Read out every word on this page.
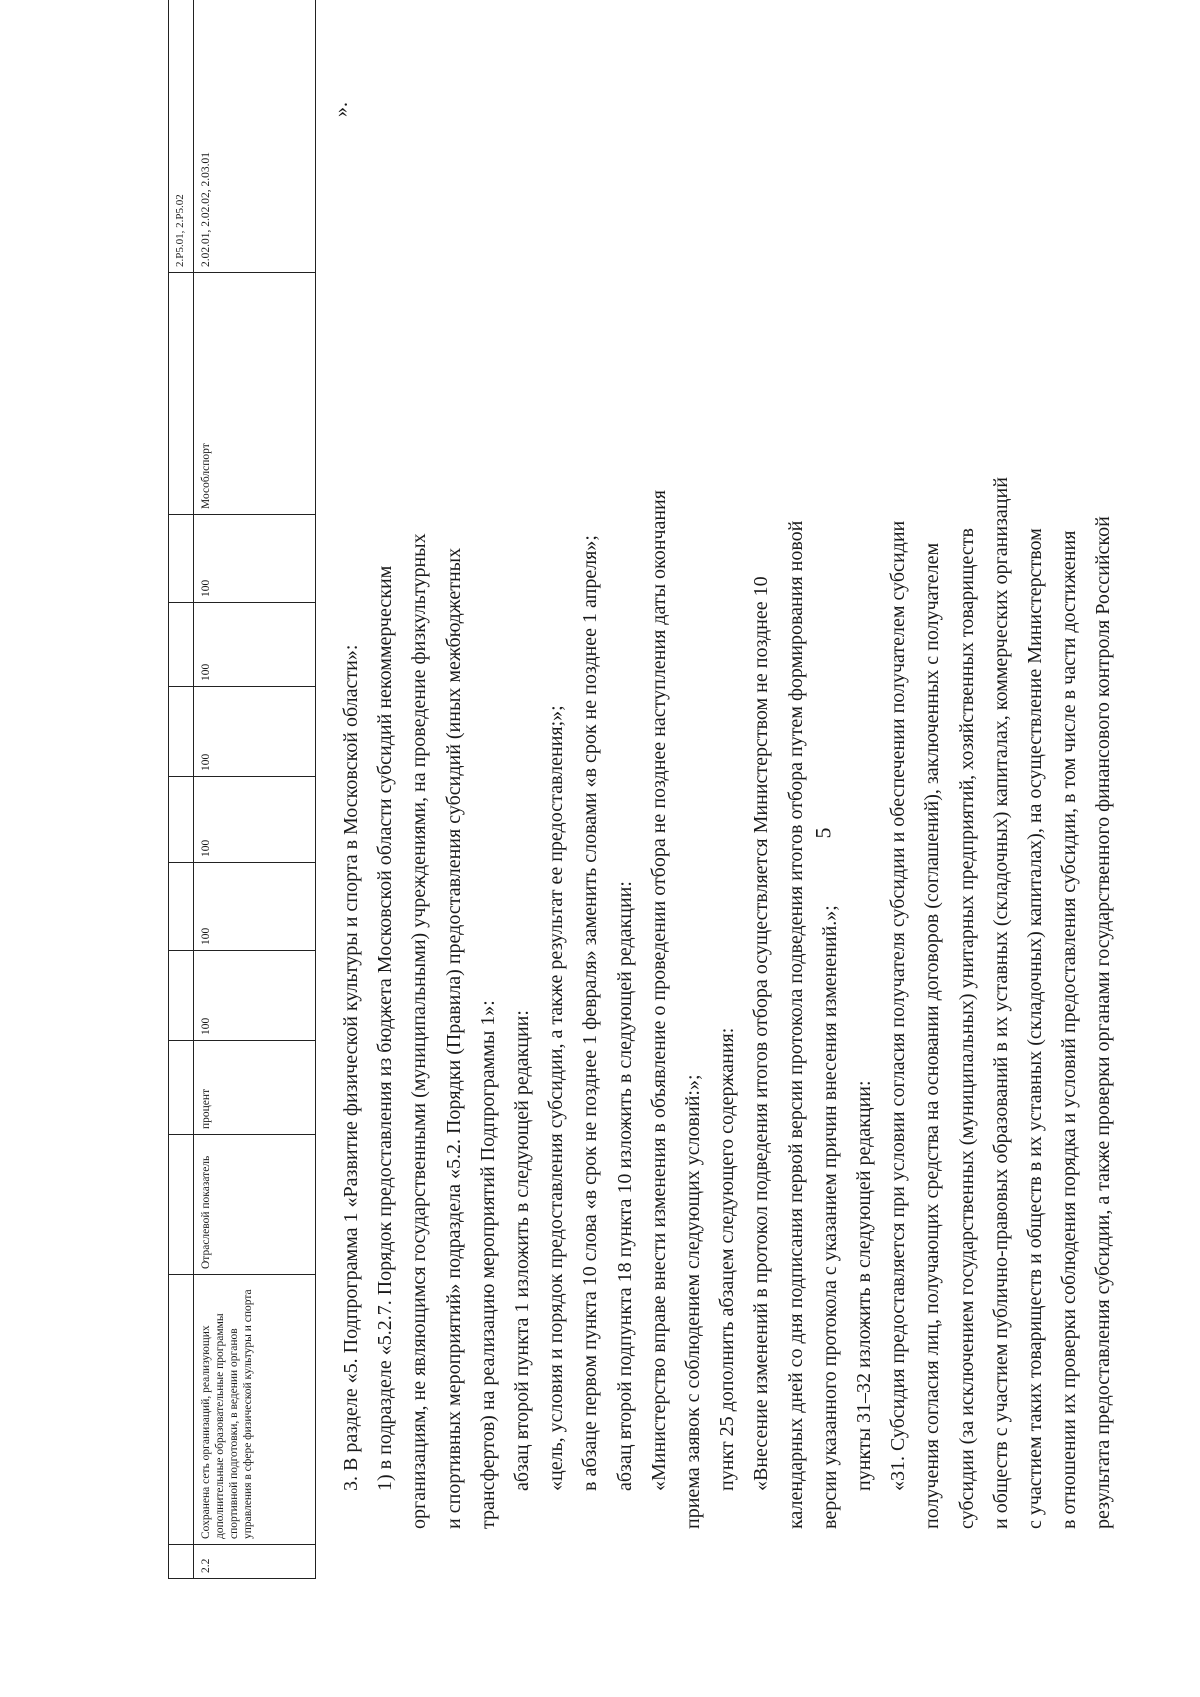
5
2.P5.01, 2.P5.02
2.2
Сохранена сеть организаций, реализующих дополнительные образовательные программы спортивной подготовки, в ведении органов управления в сфере физической культуры и спорта
Отраслевой показатель
процент
100
100
100
100
100
100
Мособлспорт
2.02.01, 2.02.02, 2.03.01

3. В разделе «5. Подпрограмма 1 «Развитие физической культуры и спорта в Московской области»: 1) в подразделе «5.2.7. Порядок предоставления из бюджета Московской области субсидий некоммерческим организациям, не являющимся государственными (муниципальными) учреждениями, на проведение физкультурных и спортивных мероприятий» подраздела «5.2. Порядки (Правила) предоставления субсидий (иных межбюджетных трансфертов) на реализацию мероприятий Подпрограммы 1»: абзац второй пункта 1 изложить в следующей редакции: «цель, условия и порядок предоставления субсидии, а также результат ее предоставления;»; в абзаце первом пункта 10 слова «в срок не позднее 1 февраля» заменить словами «в срок не позднее 1 апреля»; абзац второй подпункта 18 пункта 10 изложить в следующей редакции: «Министерство вправе внести изменения в объявление о проведении отбора не позднее наступления даты окончания приема заявок с соблюдением следующих условий:»; пункт 25 дополнить абзацем следующего содержания: «Внесение изменений в протокол подведения итогов отбора осуществляется Министерством не позднее 10 календарных дней со дня подписания первой версии протокола подведения итогов отбора путем формирования новой версии указанного протокола с указанием причин внесения изменений.»; пункты 31–32 изложить в следующей редакции: «31. Субсидия предоставляется при условии согласия получателя субсидии и обеспечении получателем субсидии получения согласия лиц, получающих средства на основании договоров (соглашений), заключенных с получателем субсидии (за исключением государственных (муниципальных) унитарных предприятий, хозяйственных товариществ и обществ с участием публично-правовых образований в их уставных (складочных) капиталах, коммерческих организаций с участием таких товариществ и обществ в их уставных (складочных) капиталах), на осуществление Министерством в отношении их проверки соблюдения порядка и условий предоставления субсидии, в том числе в части достижения результата предоставления субсидии, а также проверки органами государственного финансового контроля Российской

».
